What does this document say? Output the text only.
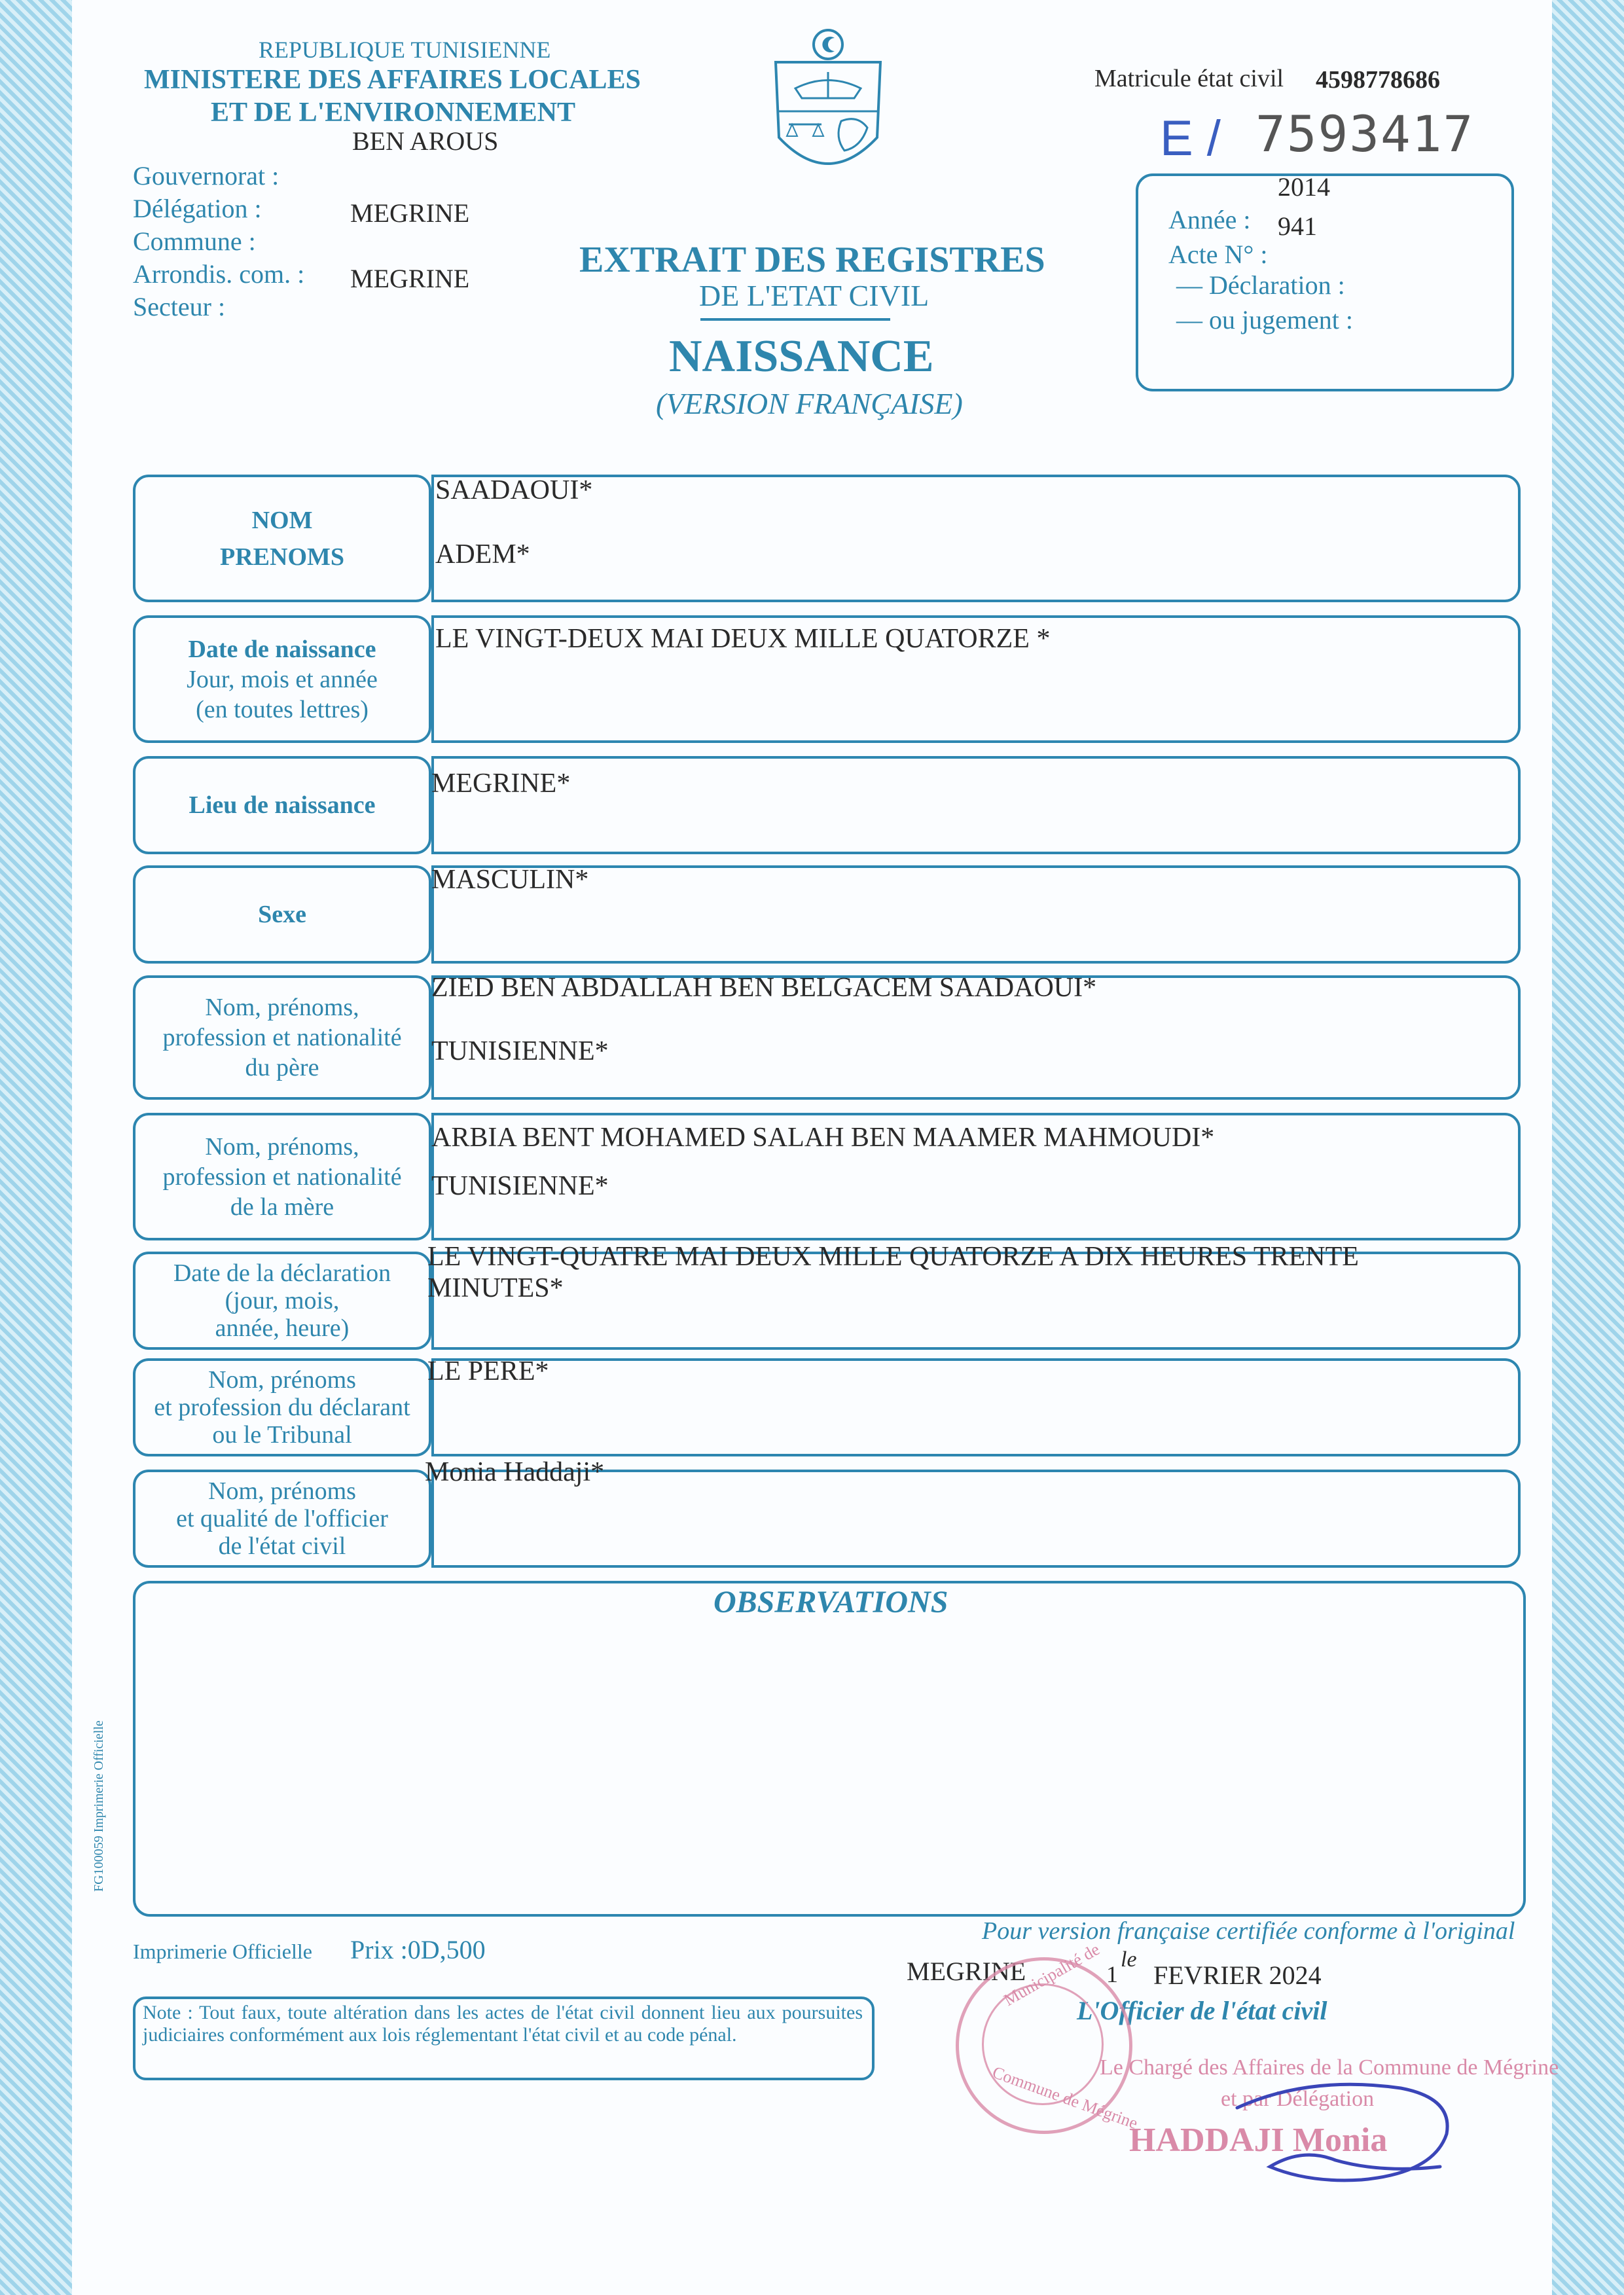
REPUBLIQUE TUNISIENNE
MINISTERE DES AFFAIRES LOCALES
ET DE L'ENVIRONNEMENT
BEN AROUS
Gouvernorat :
Délégation :	MEGRINE
Commune :
Arrondis. com. : MEGRINE
Secteur :
EXTRAIT DES REGISTRES
DE L'ETAT CIVIL
NAISSANCE
(VERSION FRANÇAISE)
Matricule état civil 4598778686
E / 7593417
2014
Année : 941
Acte N° :
— Déclaration :
— ou jugement :
NOM
PRENOMS
SAADAOUI*
ADEM*
Date de naissance
Jour, mois et année
(en toutes lettres)
LE VINGT-DEUX MAI DEUX MILLE QUATORZE *
Lieu de naissance
MEGRINE*
Sexe
MASCULIN*
Nom, prénoms,
profession et nationalité
du père
ZIED BEN ABDALLAH BEN BELGACEM SAADAOUI*
TUNISIENNE*
Nom, prénoms,
profession et nationalité
de la mère
ARBIA BENT MOHAMED SALAH BEN MAAMER MAHMOUDI*
TUNISIENNE*
Date de la déclaration
(jour, mois,
année, heure)
LE VINGT-QUATRE MAI DEUX MILLE QUATORZE A DIX HEURES TRENTE
MINUTES*
Nom, prénoms
et profession du déclarant
ou le Tribunal
LE PERE*
Nom, prénoms
et qualité de l'officier
de l'état civil
Monia Haddaji*
OBSERVATIONS
FG100059 Imprimerie Officielle
Imprimerie Officielle Prix :0D,500
Pour version française certifiée conforme à l'original
MEGRINE	le
1 FEVRIER 2024
L'Officier de l'état civil
Municipalité de
Commune de Mégrine
Le Chargé des Affaires de la Commune de Mégrine
et par Délégation
HADDAJI Monia
Note : Tout faux, toute altération dans les actes de l'état civil donnent lieu aux poursuites judiciaires conformément aux lois réglementant l'état civil et au code pénal.
